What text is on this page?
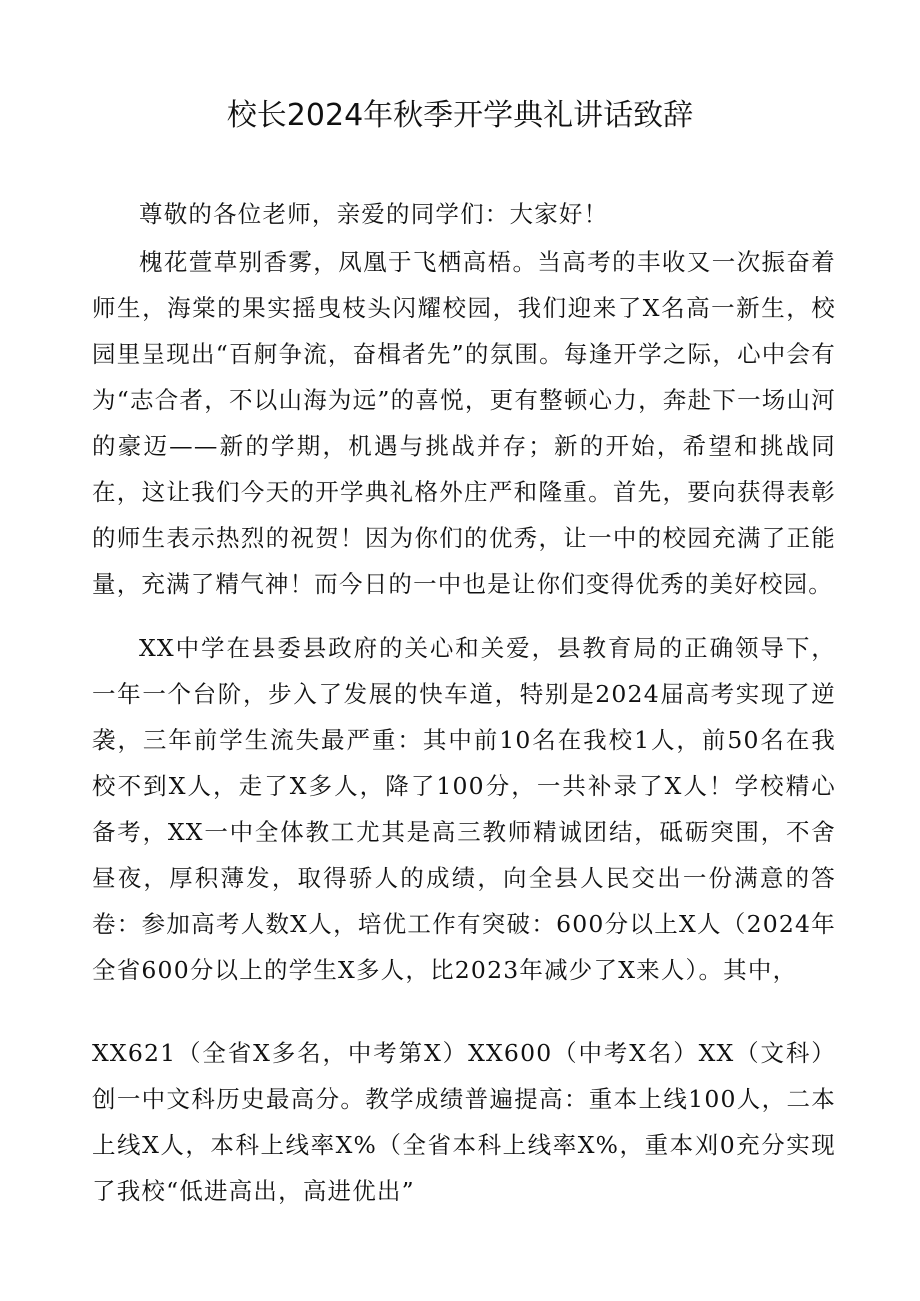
校长2024年秋季开学典礼讲话致辞

尊敬的各位老师，亲爱的同学们：大家好！

槐花萱草别香雾，凤凰于飞栖高梧。当高考的丰收又一次振奋着师生，海棠的果实摇曳枝头闪耀校园，我们迎来了X名高一新生，校园里呈现出“百舸争流，奋楫者先”的氛围。每逢开学之际，心中会有为“志合者，不以山海为远”的喜悦，更有整顿心力，奔赴下一场山河的豪迈——新的学期，机遇与挑战并存；新的开始，希望和挑战同在，这让我们今天的开学典礼格外庄严和隆重。首先，要向获得表彰的师生表示热烈的祝贺！因为你们的优秀，让一中的校园充满了正能量，充满了精气神！而今日的一中也是让你们变得优秀的美好校园。

XX中学在县委县政府的关心和关爱，县教育局的正确领导下，一年一个台阶，步入了发展的快车道，特别是2024届高考实现了逆袭，三年前学生流失最严重：其中前10名在我校1人，前50名在我校不到X人，走了X多人，降了100分，一共补录了X人！学校精心备考，XX一中全体教工尤其是高三教师精诚团结，砥砺突围，不舍昼夜，厚积薄发，取得骄人的成绩，向全县人民交出一份满意的答卷：参加高考人数X人，培优工作有突破：600分以上X人（2024年全省600分以上的学生X多人，比2023年减少了X来人）。其中，

XX621（全省X多名，中考第X）XX600（中考X名）XX（文科）创一中文科历史最高分。教学成绩普遍提高：重本上线100人，二本上线X人，本科上线率X%（全省本科上线率X%，重本刈0充分实现了我校“低进高出，高进优出”
